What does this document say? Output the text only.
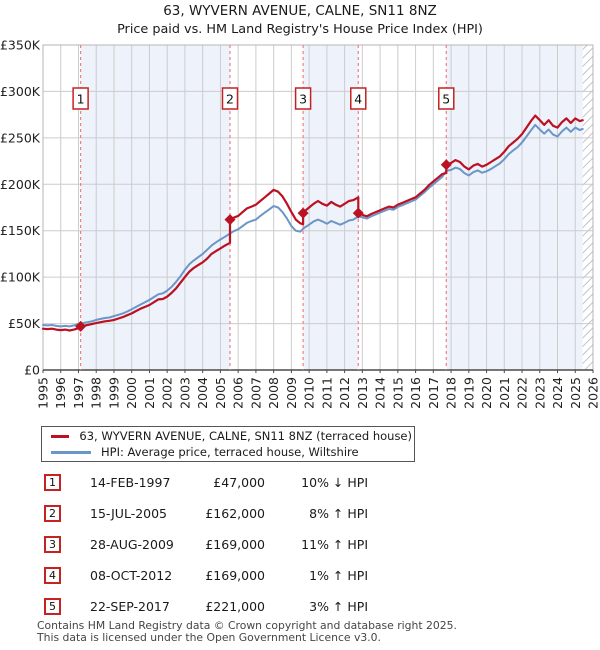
1	2	3	4	5
£0
£50K
£100K
£150K
£200K
£250K
£300K
£350K
1995 1996 1997 1998 1999 2000 2001 2002 2003 2004 2005 2006 2007 2008 2009 2010 2011 2012 2013 2014 2015 2016 2017 2018 2019 2020 2021 2022 2023 2024 2025 2026
63, WYVERN AVENUE, CALNE, SN11 8NZ
Price paid vs. HM Land Registry's House Price Index (HPI)
63, WYVERN AVENUE, CALNE, SN11 8NZ (terraced house)
HPI: Average price, terraced house, Wiltshire
1	14-FEB-1997	£47,000	10% ↓ HPI
2	15-JUL-2005	£162,000	8% ↑ HPI
3	28-AUG-2009	£169,000	11% ↑ HPI
4	08-OCT-2012	£169,000	1% ↑ HPI
5	22-SEP-2017	£221,000	3% ↑ HPI
Contains HM Land Registry data © Crown copyright and database right 2025.
This data is licensed under the Open Government Licence v3.0.
